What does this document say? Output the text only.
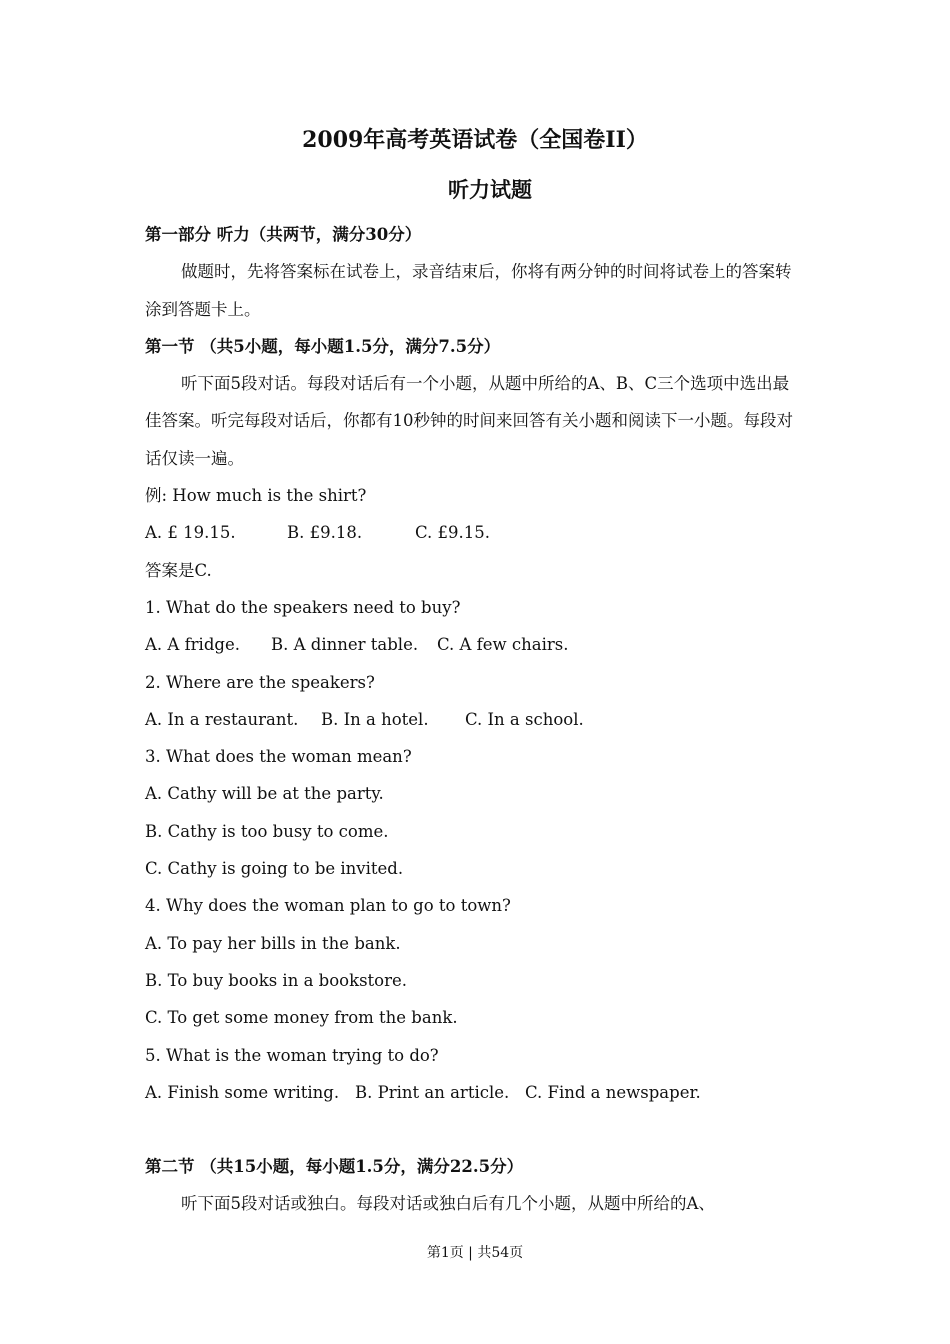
2009年高考英语试卷（全国卷II）
听力试题

第一部分 听力（共两节，满分30分）

做题时，先将答案标在试卷上，录音结束后，你将有两分钟的时间将试卷上的答案转涂到答题卡上。

第一节 （共5小题，每小题1.5分，满分7.5分）

听下面5段对话。每段对话后有一个小题，从题中所给的A、B、C三个选项中选出最佳答案。听完每段对话后，你都有10秒钟的时间来回答有关小题和阅读下一小题。每段对话仅读一遍。

例: How much is the shirt?

A. £ 19.15.	B. £9.18.	C. £9.15.

答案是C.

1. What do the speakers need to buy?

A. A fridge. B. A dinner table. C. A few chairs.

2. Where are the speakers?

A. In a restaurant. B. In a hotel. C. In a school.

3. What does the woman mean?

A. Cathy will be at the party.

B. Cathy is too busy to come.

C. Cathy is going to be invited.

4. Why does the woman plan to go to town?

A. To pay her bills in the bank.

B. To buy books in a bookstore.

C. To get some money from the bank.

5. What is the woman trying to do?

A. Finish some writing. B. Print an article. C. Find a newspaper.

第二节 （共15小题，每小题1.5分，满分22.5分）

听下面5段对话或独白。每段对话或独白后有几个小题，从题中所给的A、

第1页 | 共54页
